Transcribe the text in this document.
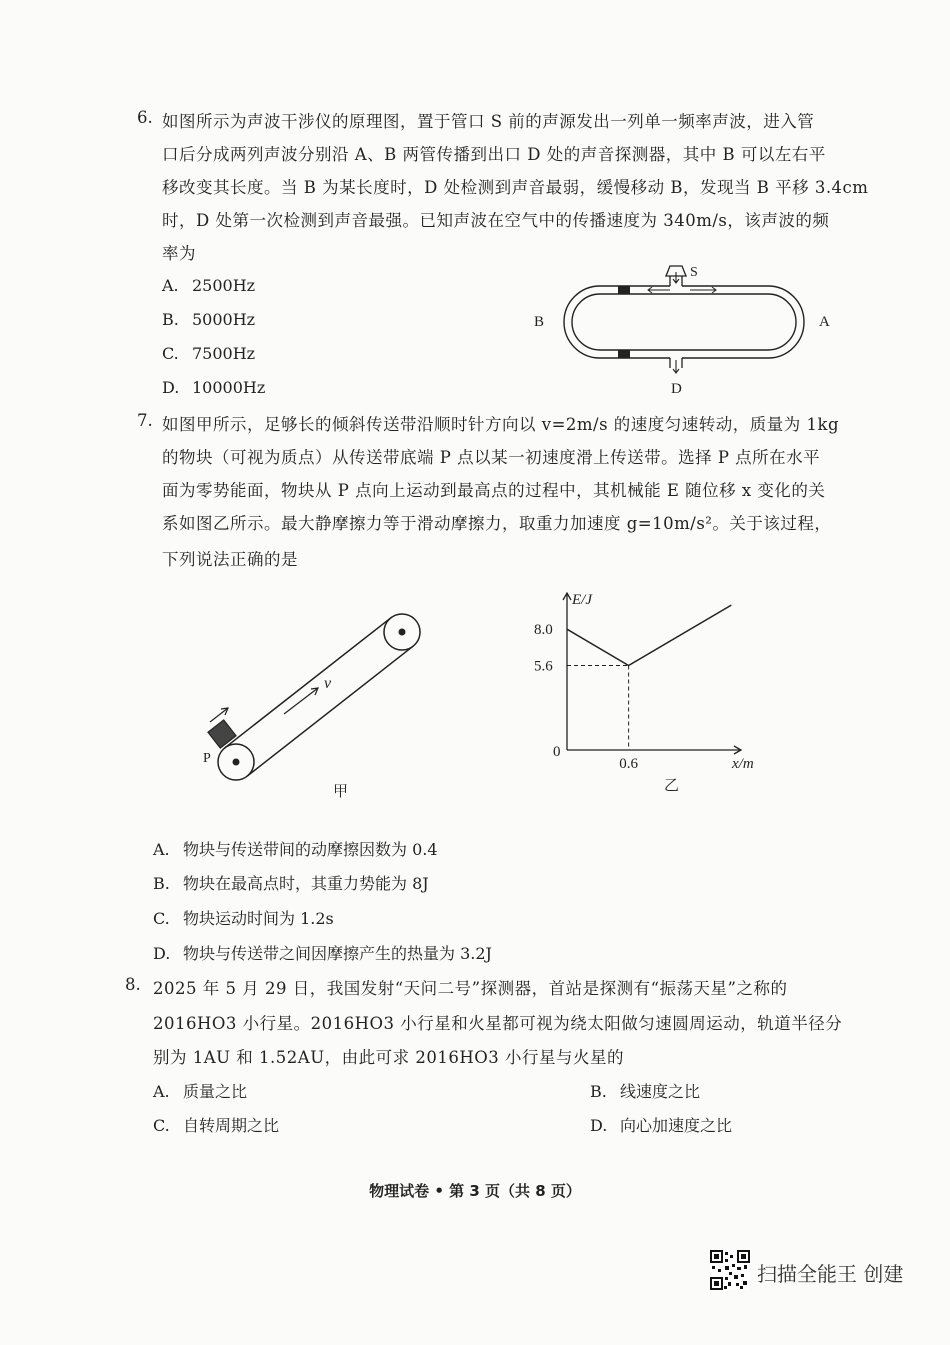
6. 如图所示为声波干涉仪的原理图，置于管口 S 前的声源发出一列单一频率声波，进入管
口后分成两列声波分别沿 A、B 两管传播到出口 D 处的声音探测器，其中 B 可以左右平
移改变其长度。当 B 为某长度时，D 处检测到声音最弱，缓慢移动 B，发现当 B 平移 3.4cm
时，D 处第一次检测到声音最强。已知声波在空气中的传播速度为 340m/s，该声波的频
率为
A. 2500Hz
B. 5000Hz
C. 7500Hz
D. 10000Hz
S
B	A
D
7. 如图甲所示，足够长的倾斜传送带沿顺时针方向以 v=2m/s 的速度匀速转动，质量为 1kg
的物块（可视为质点）从传送带底端 P 点以某一初速度滑上传送带。选择 P 点所在水平
面为零势能面，物块从 P 点向上运动到最高点的过程中，其机械能 E 随位移 x 变化的关
系如图乙所示。最大静摩擦力等于滑动摩擦力，取重力加速度 g=10m/s²。关于该过程，
下列说法正确的是
v
P
甲
E/J
x/m
0
8.0
5.6
0.6
乙
A. 物块与传送带间的动摩擦因数为 0.4
B. 物块在最高点时，其重力势能为 8J
C. 物块运动时间为 1.2s
D. 物块与传送带之间因摩擦产生的热量为 3.2J
8. 2025 年 5 月 29 日，我国发射“天问二号”探测器，首站是探测有“振荡天星”之称的
2016HO3 小行星。2016HO3 小行星和火星都可视为绕太阳做匀速圆周运动，轨道半径分
别为 1AU 和 1.52AU，由此可求 2016HO3 小行星与火星的
A. 质量之比	B. 线速度之比
C. 自转周期之比	D. 向心加速度之比
物理试卷 • 第 3 页（共 8 页）
扫描全能王 创建
